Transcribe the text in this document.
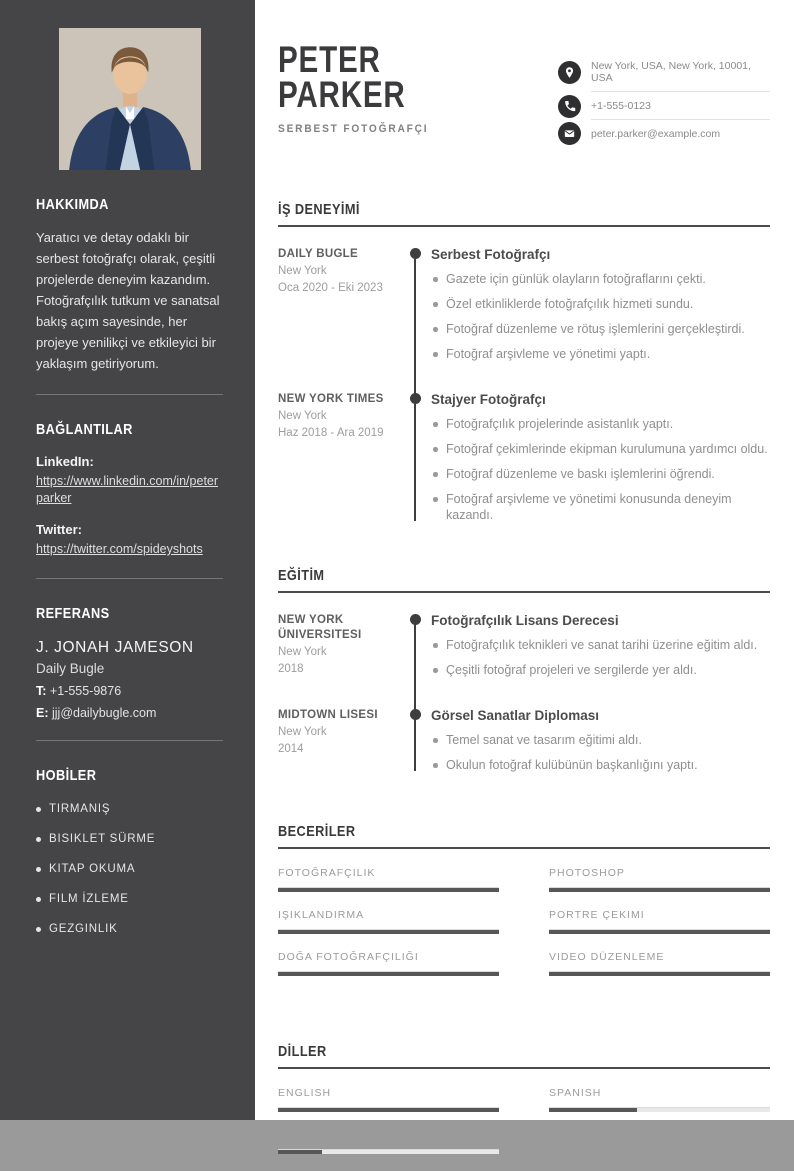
HAKKIMDA

Yaratıcı ve detay odaklı bir serbest fotoğrafçı olarak, çeşitli projelerde deneyim kazandım. Fotoğrafçılık tutkum ve sanatsal bakış açım sayesinde, her projeye yenilikçi ve etkileyici bir yaklaşım getiriyorum.

BAĞLANTILAR
LinkedIn:
https://www.linkedin.com/in/peterparker
Twitter:
https://twitter.com/spideyshots
REFERANS
J. JONAH JAMESON
Daily Bugle
T: +1-555-9876
E: jjj@dailybugle.com
HOBİLER
TIRMANIŞ
BISIKLET SÜRME
KITAP OKUMA
FILM İZLEME
GEZGINLIK
PETER
PARKER
SERBEST FOTOĞRAFÇI
New York, USA, New York, 10001, USA
+1-555-0123
peter.parker@example.com
İŞ DENEYİMİ
DAILY BUGLE
New York
Oca 2020 - Eki 2023
Serbest Fotoğrafçı
Gazete için günlük olayların fotoğraflarını çekti.
Özel etkinliklerde fotoğrafçılık hizmeti sundu.
Fotoğraf düzenleme ve rötuş işlemlerini gerçekleştirdi.
Fotoğraf arşivleme ve yönetimi yaptı.
NEW YORK TIMES
New York
Haz 2018 - Ara 2019
Stajyer Fotoğrafçı
Fotoğrafçılık projelerinde asistanlık yaptı.
Fotoğraf çekimlerinde ekipman kurulumuna yardımcı oldu.
Fotoğraf düzenleme ve baskı işlemlerini öğrendi.
Fotoğraf arşivleme ve yönetimi konusunda deneyim kazandı.
EĞİTİM
NEW YORK ÜNIVERSITESI
New York
2018
Fotoğrafçılık Lisans Derecesi
Fotoğrafçılık teknikleri ve sanat tarihi üzerine eğitim aldı.
Çeşitli fotoğraf projeleri ve sergilerde yer aldı.
MIDTOWN LISESI
New York
2014
Görsel Sanatlar Diploması
Temel sanat ve tasarım eğitimi aldı.
Okulun fotoğraf kulübünün başkanlığını yaptı.
BECERİLER
FOTOĞRAFÇILIK	PHOTOSHOP
IŞIKLANDIRMA	PORTRE ÇEKIMI
DOĞA FOTOĞRAFÇILIĞI	VIDEO DÜZENLEME
DİLLER
ENGLISH	SPANISH
FRENCH
